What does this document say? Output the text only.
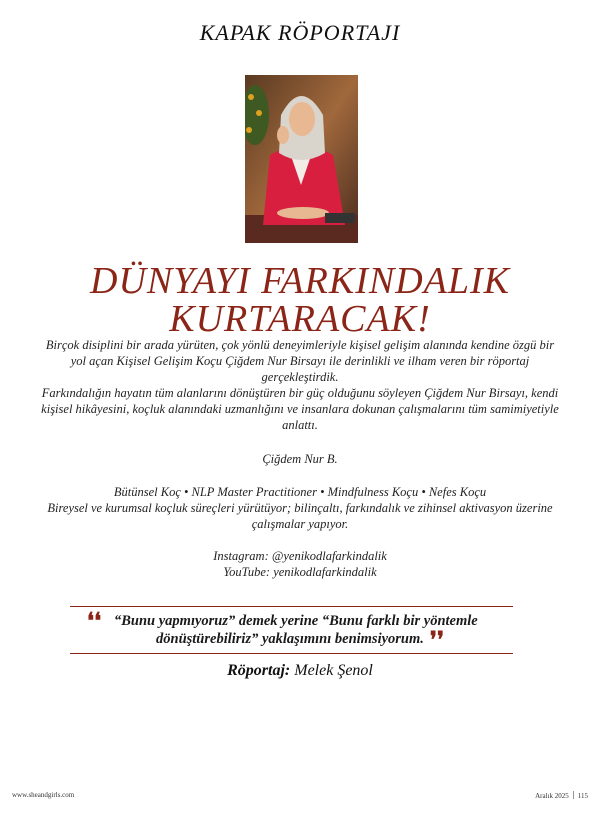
KAPAK RÖPORTAJI
DÜNYAYI FARKINDALIK
KURTARACAK!

Birçok disiplini bir arada yürüten, çok yönlü deneyimleriyle kişisel gelişim alanında kendine özgü bir yol açan Kişisel Gelişim Koçu Çiğdem Nur Birsayı ile derinlikli ve ilham veren bir röportaj gerçekleştirdik.

Farkındalığın hayatın tüm alanlarını dönüştüren bir güç olduğunu söyleyen Çiğdem Nur Birsayı, kendi kişisel hikâyesini, koçluk alanındaki uzmanlığını ve insanlara dokunan çalışmalarını tüm samimiyetiyle anlattı.

Çiğdem Nur B.

Bütünsel Koç • NLP Master Practitioner • Mindfulness Koçu • Nefes Koçu

Bireysel ve kurumsal koçluk süreçleri yürütüyor; bilinçaltı, farkındalık ve zihinsel aktivasyon üzerine çalışmalar yapıyor.

Instagram: @yenikodlafarkindalik

YouTube: yenikodlafarkindalik

❛❛ “Bunu yapmıyoruz” demek yerine “Bunu farklı bir yöntemle
dönüştürebiliriz” yaklaşımını benimsiyorum. ❜❜
Röportaj: Melek Şenol
www.sheandgirls.com	Aralık 2025 115
